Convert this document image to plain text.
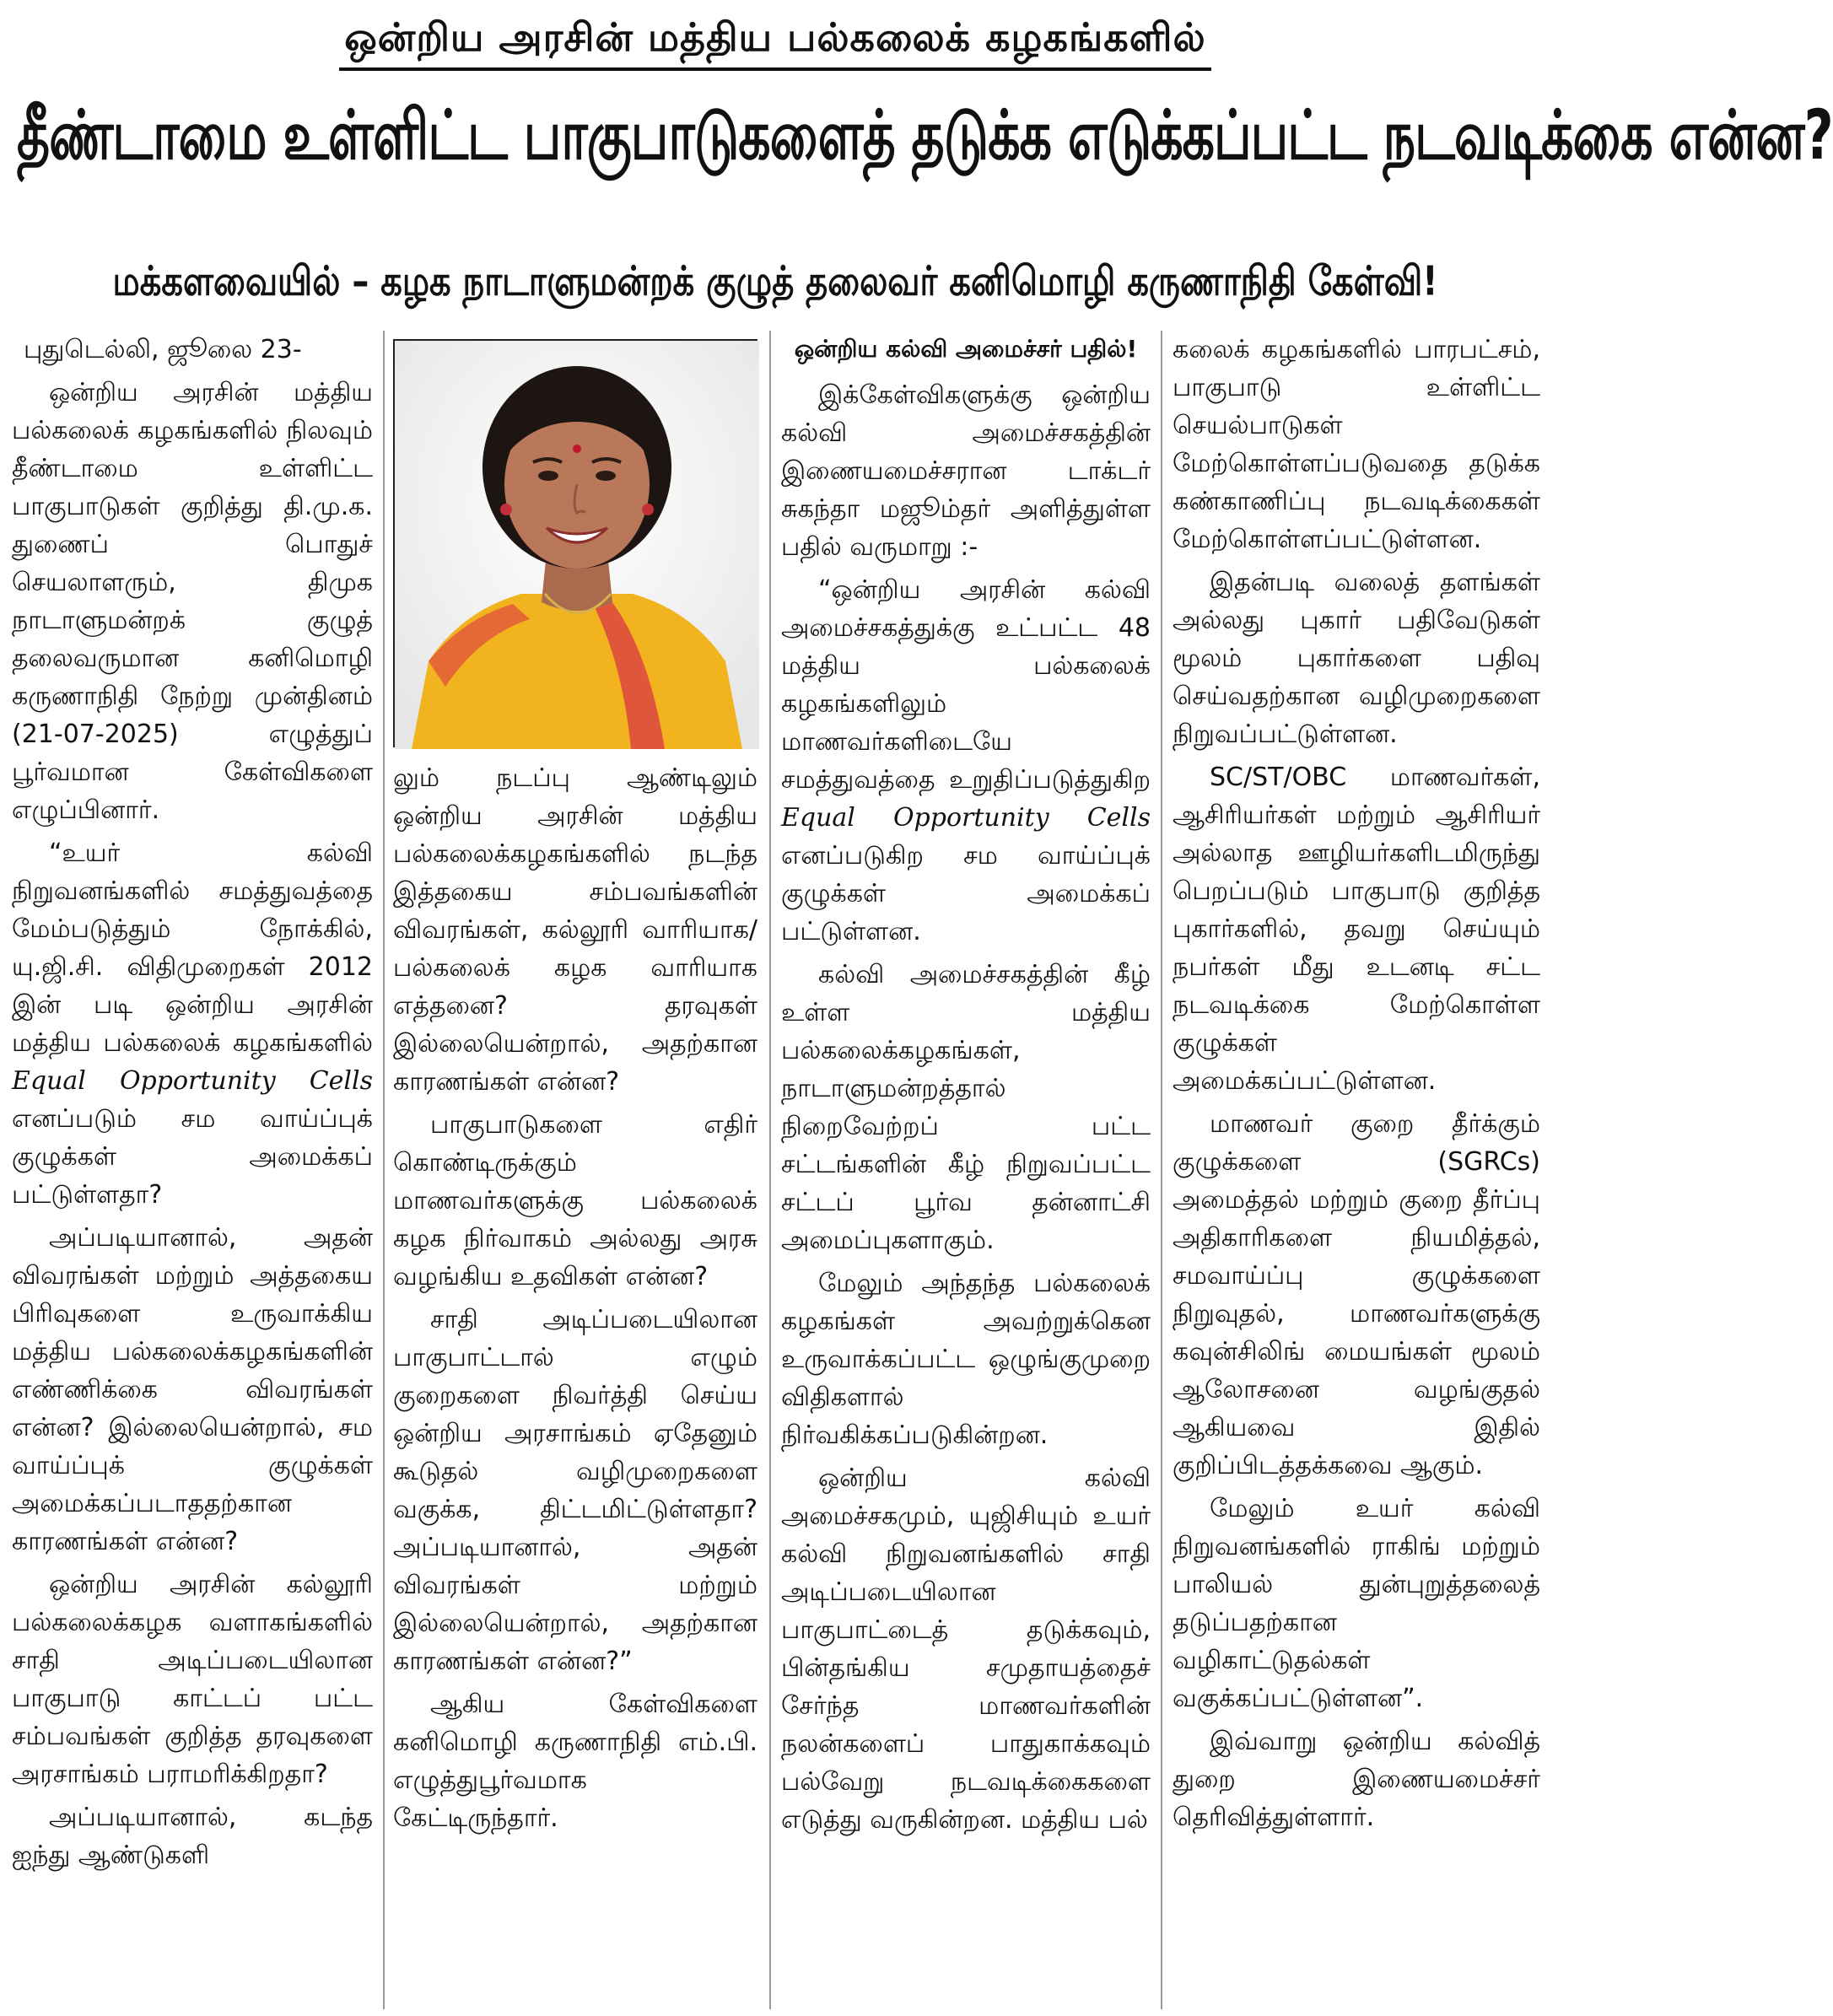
ஒன்றிய அரசின் மத்திய பல்கலைக் கழகங்களில்
தீண்டாமை உள்ளிட்ட பாகுபாடுகளைத் தடுக்க எடுக்கப்பட்ட நடவடிக்கை என்ன?
மக்களவையில் – கழக நாடாளுமன்றக் குழுத் தலைவர் கனிமொழி கருணாநிதி கேள்வி!

புதுடெல்லி, ஜூலை 23-

ஒன்றிய அரசின் மத்திய பல்கலைக் கழகங்களில் நிலவும் தீண்டாமை உள்ளிட்ட பாகுபாடுகள் குறித்து தி.மு.க. துணைப் பொதுச் செயலாளரும், திமுக நாடாளுமன்றக் குழுத் தலைவருமான கனிமொழி கருணாநிதி நேற்று முன்தினம் (21-07-2025) எழுத்துப் பூர்வமான கேள்விகளை எழுப்பினார்.

“உயர் கல்வி நிறுவனங்களில் சமத்துவத்தை மேம்படுத்தும் நோக்கில், யு.ஜி.சி. விதிமுறைகள் 2012 இன் படி ஒன்றிய அரசின் மத்திய பல்கலைக் கழகங்களில் Equal Opportunity Cells எனப்படும் சம வாய்ப்புக் குழுக்கள் அமைக்கப் பட்டுள்ளதா?

அப்படியானால், அதன் விவரங்கள் மற்றும் அத்தகைய பிரிவுகளை உருவாக்கிய மத்திய பல்கலைக்கழகங்களின் எண்ணிக்கை விவரங்கள் என்ன? இல்லையென்றால், சம வாய்ப்புக் குழுக்கள் அமைக்கப்படாததற்கான காரணங்கள் என்ன?

ஒன்றிய அரசின் கல்லூரி பல்கலைக்கழக வளாகங்களில் சாதி அடிப்படையிலான பாகுபாடு காட்டப் பட்ட சம்பவங்கள் குறித்த தரவுகளை அரசாங்கம் பராமரிக்கிறதா?

அப்படியானால், கடந்த ஐந்து ஆண்டுகளி

லும் நடப்பு ஆண்டிலும் ஒன்றிய அரசின் மத்திய பல்கலைக்கழகங்களில் நடந்த இத்தகைய சம்பவங்களின் விவரங்கள், கல்லூரி வாரியாக/பல்கலைக் கழக வாரியாக எத்தனை? தரவுகள் இல்லையென்றால், அதற்கான காரணங்கள் என்ன?

பாகுபாடுகளை எதிர் கொண்டிருக்கும் மாணவர்களுக்கு பல்கலைக் கழக நிர்வாகம் அல்லது அரசு வழங்கிய உதவிகள் என்ன?

சாதி அடிப்படையிலான பாகுபாட்டால் எழும் குறைகளை நிவர்த்தி செய்ய ஒன்றிய அரசாங்கம் ஏதேனும் கூடுதல் வழிமுறைகளை வகுக்க, திட்டமிட்டுள்ளதா? அப்படியானால், அதன் விவரங்கள் மற்றும் இல்லையென்றால், அதற்கான காரணங்கள் என்ன?”

ஆகிய கேள்விகளை கனிமொழி கருணாநிதி எம்.பி. எழுத்துபூர்வமாக கேட்டிருந்தார்.

ஒன்றிய கல்வி அமைச்சர் பதில்!

இக்கேள்விகளுக்கு ஒன்றிய கல்வி அமைச்சகத்தின் இணையமைச்சரான டாக்டர் சுகந்தா மஜூம்தர் அளித்துள்ள பதில் வருமாறு :-

“ஒன்றிய அரசின் கல்வி அமைச்சகத்துக்கு உட்பட்ட 48 மத்திய பல்கலைக் கழகங்களிலும் மாணவர்களிடையே சமத்துவத்தை உறுதிப்படுத்துகிற Equal Opportunity Cells எனப்படுகிற சம வாய்ப்புக் குழுக்கள் அமைக்கப் பட்டுள்ளன.

கல்வி அமைச்சகத்தின் கீழ் உள்ள மத்திய பல்கலைக்கழகங்கள், நாடாளுமன்றத்தால் நிறைவேற்றப் பட்ட சட்டங்களின் கீழ் நிறுவப்பட்ட சட்டப் பூர்வ தன்னாட்சி அமைப்புகளாகும்.

மேலும் அந்தந்த பல்கலைக் கழகங்கள் அவற்றுக்கென உருவாக்கப்பட்ட ஒழுங்குமுறை விதிகளால் நிர்வகிக்கப்படுகின்றன.

ஒன்றிய கல்வி அமைச்சகமும், யுஜிசியும் உயர் கல்வி நிறுவனங்களில் சாதி அடிப்படையிலான பாகுபாட்டைத் தடுக்கவும், பின்தங்கிய சமுதாயத்தைச் சேர்ந்த மாணவர்களின் நலன்களைப் பாதுகாக்கவும் பல்வேறு நடவடிக்கைகளை எடுத்து வருகின்றன. மத்திய பல்

கலைக் கழகங்களில் பாரபட்சம், பாகுபாடு உள்ளிட்ட செயல்பாடுகள் மேற்கொள்ளப்படுவதை தடுக்க கண்காணிப்பு நடவடிக்கைகள் மேற்கொள்ளப்பட்டுள்ளன.

இதன்படி வலைத் தளங்கள் அல்லது புகார் பதிவேடுகள் மூலம் புகார்களை பதிவு செய்வதற்கான வழிமுறைகளை நிறுவப்பட்டுள்ளன.

SC/ST/OBC மாணவர்கள், ஆசிரியர்கள் மற்றும் ஆசிரியர் அல்லாத ஊழியர்களிடமிருந்து பெறப்படும் பாகுபாடு குறித்த புகார்களில், தவறு செய்யும் நபர்கள் மீது உடனடி சட்ட நடவடிக்கை மேற்கொள்ள குழுக்கள் அமைக்கப்பட்டுள்ளன.

மாணவர் குறை தீர்க்கும் குழுக்களை (SGRCs) அமைத்தல் மற்றும் குறை தீர்ப்பு அதிகாரிகளை நியமித்தல், சமவாய்ப்பு குழுக்களை நிறுவுதல், மாணவர்களுக்கு கவுன்சிலிங் மையங்கள் மூலம் ஆலோசனை வழங்குதல் ஆகியவை இதில் குறிப்பிடத்தக்கவை ஆகும்.

மேலும் உயர் கல்வி நிறுவனங்களில் ராகிங் மற்றும் பாலியல் துன்புறுத்தலைத் தடுப்பதற்கான வழிகாட்டுதல்கள் வகுக்கப்பட்டுள்ளன”.

இவ்வாறு ஒன்றிய கல்வித் துறை இணையமைச்சர் தெரிவித்துள்ளார்.
